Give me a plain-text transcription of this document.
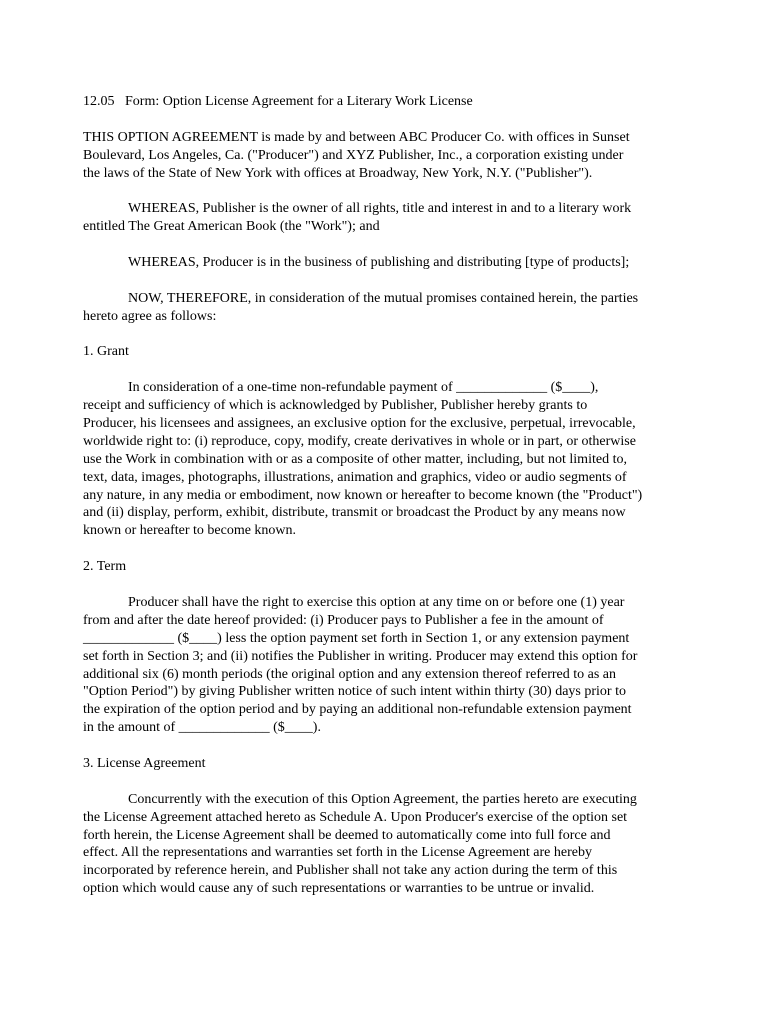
12.05   Form: Option License Agreement for a Literary Work License
THIS OPTION AGREEMENT is made by and between ABC Producer Co. with offices in Sunset
Boulevard, Los Angeles, Ca. ("Producer") and XYZ Publisher, Inc., a corporation existing under
the laws of the State of New York with offices at Broadway, New York, N.Y. ("Publisher").
WHEREAS, Publisher is the owner of all rights, title and interest in and to a literary work
entitled The Great American Book (the "Work"); and
WHEREAS, Producer is in the business of publishing and distributing [type of products];
NOW, THEREFORE, in consideration of the mutual promises contained herein, the parties
hereto agree as follows:
1. Grant
In consideration of a one-time non-refundable payment of _____________ ($____),
receipt and sufficiency of which is acknowledged by Publisher, Publisher hereby grants to
Producer, his licensees and assignees, an exclusive option for the exclusive, perpetual, irrevocable,
worldwide right to: (i) reproduce, copy, modify, create derivatives in whole or in part, or otherwise
use the Work in combination with or as a composite of other matter, including, but not limited to,
text, data, images, photographs, illustrations, animation and graphics, video or audio segments of
any nature, in any media or embodiment, now known or hereafter to become known (the "Product")
and (ii) display, perform, exhibit, distribute, transmit or broadcast the Product by any means now
known or hereafter to become known.
2. Term
Producer shall have the right to exercise this option at any time on or before one (1) year
from and after the date hereof provided: (i) Producer pays to Publisher a fee in the amount of
_____________ ($____) less the option payment set forth in Section 1, or any extension payment
set forth in Section 3; and (ii) notifies the Publisher in writing. Producer may extend this option for
additional six (6) month periods (the original option and any extension thereof referred to as an
"Option Period") by giving Publisher written notice of such intent within thirty (30) days prior to
the expiration of the option period and by paying an additional non-refundable extension payment
in the amount of _____________ ($____).
3. License Agreement
Concurrently with the execution of this Option Agreement, the parties hereto are executing
the License Agreement attached hereto as Schedule A. Upon Producer's exercise of the option set
forth herein, the License Agreement shall be deemed to automatically come into full force and
effect. All the representations and warranties set forth in the License Agreement are hereby
incorporated by reference herein, and Publisher shall not take any action during the term of this
option which would cause any of such representations or warranties to be untrue or invalid.
